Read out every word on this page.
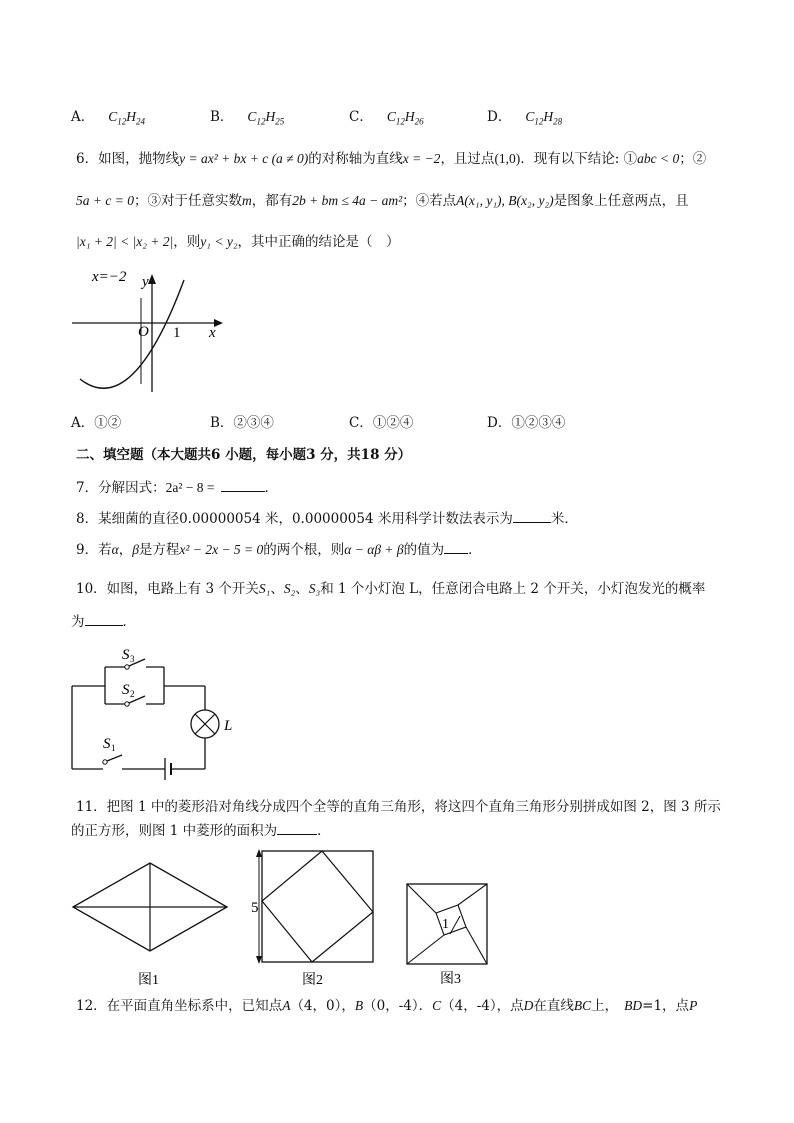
A． $C_{12}H_{24}$	B． $C_{12}H_{25}$	C． $C_{12}H_{26}$	D． $C_{12}H_{28}$
6．如图，抛物线y = ax² + bx + c (a ≠ 0)的对称轴为直线x = −2，且过点(1,0)．现有以下结论: ①abc < 0；②
5a + c = 0；③对于任意实数m，都有2b + bm ≤ 4a − am²；④若点A(x₁, y₁), B(x₂, y₂)是图象上任意两点，且
|x₁ + 2| < |x₂ + 2|，则y₁ < y₂，其中正确的结论是（　）
x=−2 y
x
O 1
A．①②	B．②③④	C．①②④	D．①②③④
二、填空题（本大题共6 小题，每小题3 分，共18 分）
7．分解因式：2a² − 8 =	．
8．某细菌的直径0.00000054 米，0.00000054 米用科学计数法表示为	米．
9．若α，β是方程x² − 2x − 5 = 0的两个根，则α − αβ + β的值为 ．
10．如图，电路上有 3 个开关S₁、S₂、S₃和 1 个小灯泡 L，任意闭合电路上 2 个开关，小灯泡发光的概率
为	．
S 3
S 2
S 1
L
11．把图 1 中的菱形沿对角线分成四个全等的直角三角形，将这四个直角三角形分别拼成如图 2，图 3 所示
的正方形，则图 1 中菱形的面积为	．
图1
5
图2
1
图3
12．在平面直角坐标系中，已知点A（4，0），B（0，-4）．C（4，-4），点D在直线BC上， BD=1，点P
